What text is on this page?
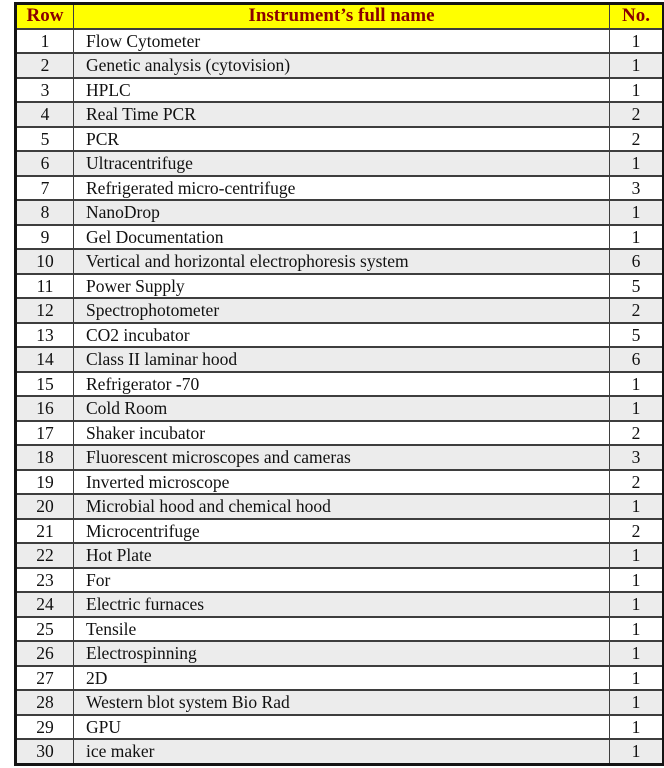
Row	Instrument’s full name	No.
1	Flow Cytometer	1
2	Genetic analysis (cytovision)	1
3	HPLC	1
4	Real Time PCR	2
5	PCR	2
6	Ultracentrifuge	1
7	Refrigerated micro-centrifuge	3
8	NanoDrop	1
9	Gel Documentation	1
10	Vertical and horizontal electrophoresis system	6
11	Power Supply	5
12	Spectrophotometer	2
13	CO2 incubator	5
14	Class II laminar hood	6
15	Refrigerator -70	1
16	Cold Room	1
17	Shaker incubator	2
18	Fluorescent microscopes and cameras	3
19	Inverted microscope	2
20	Microbial hood and chemical hood	1
21	Microcentrifuge	2
22	Hot Plate	1
23	For	1
24	Electric furnaces	1
25	Tensile	1
26	Electrospinning	1
27	2D	1
28	Western blot system Bio Rad	1
29	GPU	1
30	ice maker	1
